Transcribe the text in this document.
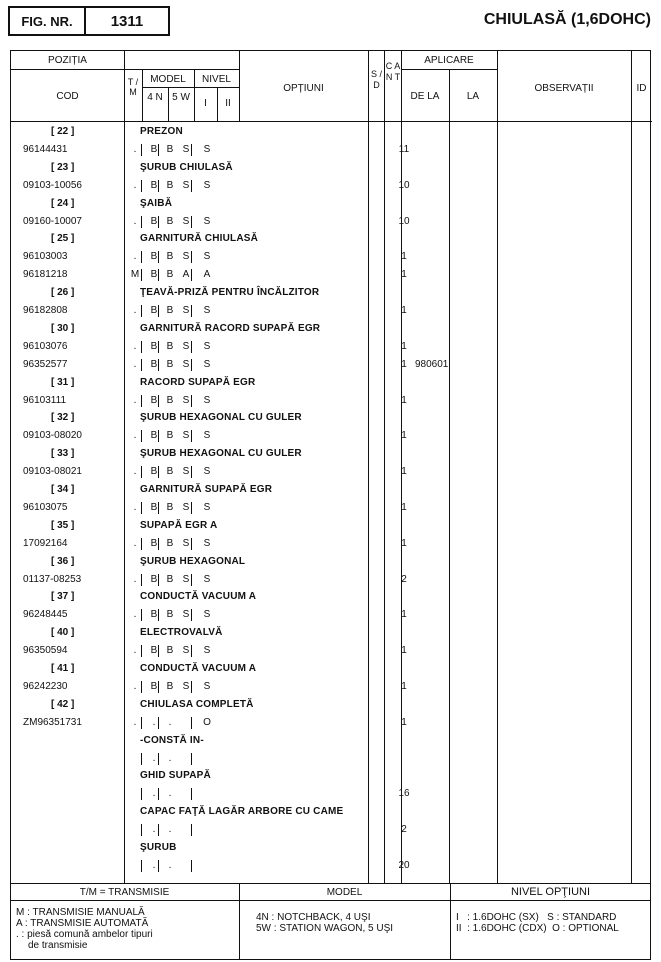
FIG. NR.	1311	CHIULASĂ (1,6DOHC)
POZIȚIA
COD
T / M
MODEL
4 N 5 W
NIVEL
I	II
OPȚIUNI
S / D
C A N T
APLICARE
DE LA	LA
OBSERVAȚII	ID
[ 22 ]	PREZON
96144431	.	B B S	S	11
[ 23 ]	ŞURUB CHIULASĂ
09103-10056	.	B B S	S	10
[ 24 ]	ŞAIBĂ
09160-10007	.	B B S	S	10
[ 25 ]	GARNITURĂ CHIULASĂ
96103003	.	B B S	S	1
96181218	M	B B A	A	1
[ 26 ]	ŢEAVĂ-PRIZĂ PENTRU ÎNCĂLZITOR
96182808	.	B B S	S	1
[ 30 ]	GARNITURĂ RACORD SUPAPĂ EGR
96103076	.	B B S	S	1
96352577	.	B B S	S	1 980601
[ 31 ]	RACORD SUPAPĂ EGR
96103111	.	B B S	S	1
[ 32 ]	ŞURUB HEXAGONAL CU GULER
09103-08020	.	B B S	S	1
[ 33 ]	ŞURUB HEXAGONAL CU GULER
09103-08021	.	B B S	S	1
[ 34 ]	GARNITURĂ SUPAPĂ EGR
96103075	.	B B S	S	1
[ 35 ]	SUPAPĂ EGR A
17092164	.	B B S	S	1
[ 36 ]	ŞURUB HEXAGONAL
01137-08253	.	B B S	S	2
[ 37 ]	CONDUCTĂ VACUUM A
96248445	.	B B S	S	1
[ 40 ]	ELECTROVALVĂ
96350594	.	B B S	S	1
[ 41 ]	CONDUCTĂ VACUUM A
96242230	.	B B S	S	1
[ 42 ]	CHIULASA COMPLETĂ
ZM96351731	.	.	.	O	1
-CONSTĂ IN-
.	.
GHID SUPAPĂ
.	.	16
CAPAC FAŢĂ LAGĂR ARBORE CU CAME
.	.	2
ŞURUB
.	.	20
T/M = TRANSMISIE
M : TRANSMISIE MANUALĂ
A : TRANSMISIE AUTOMATĂ
. : piesă comună ambelor tipuri
de transmisie
MODEL
4N : NOTCHBACK, 4 UŞI
5W : STATION WAGON, 5 UŞI
NIVEL OPŢIUNI
I   : 1.6DOHC (SX)   S : STANDARD
II  : 1.6DOHC (CDX)  O : OPTIONAL
